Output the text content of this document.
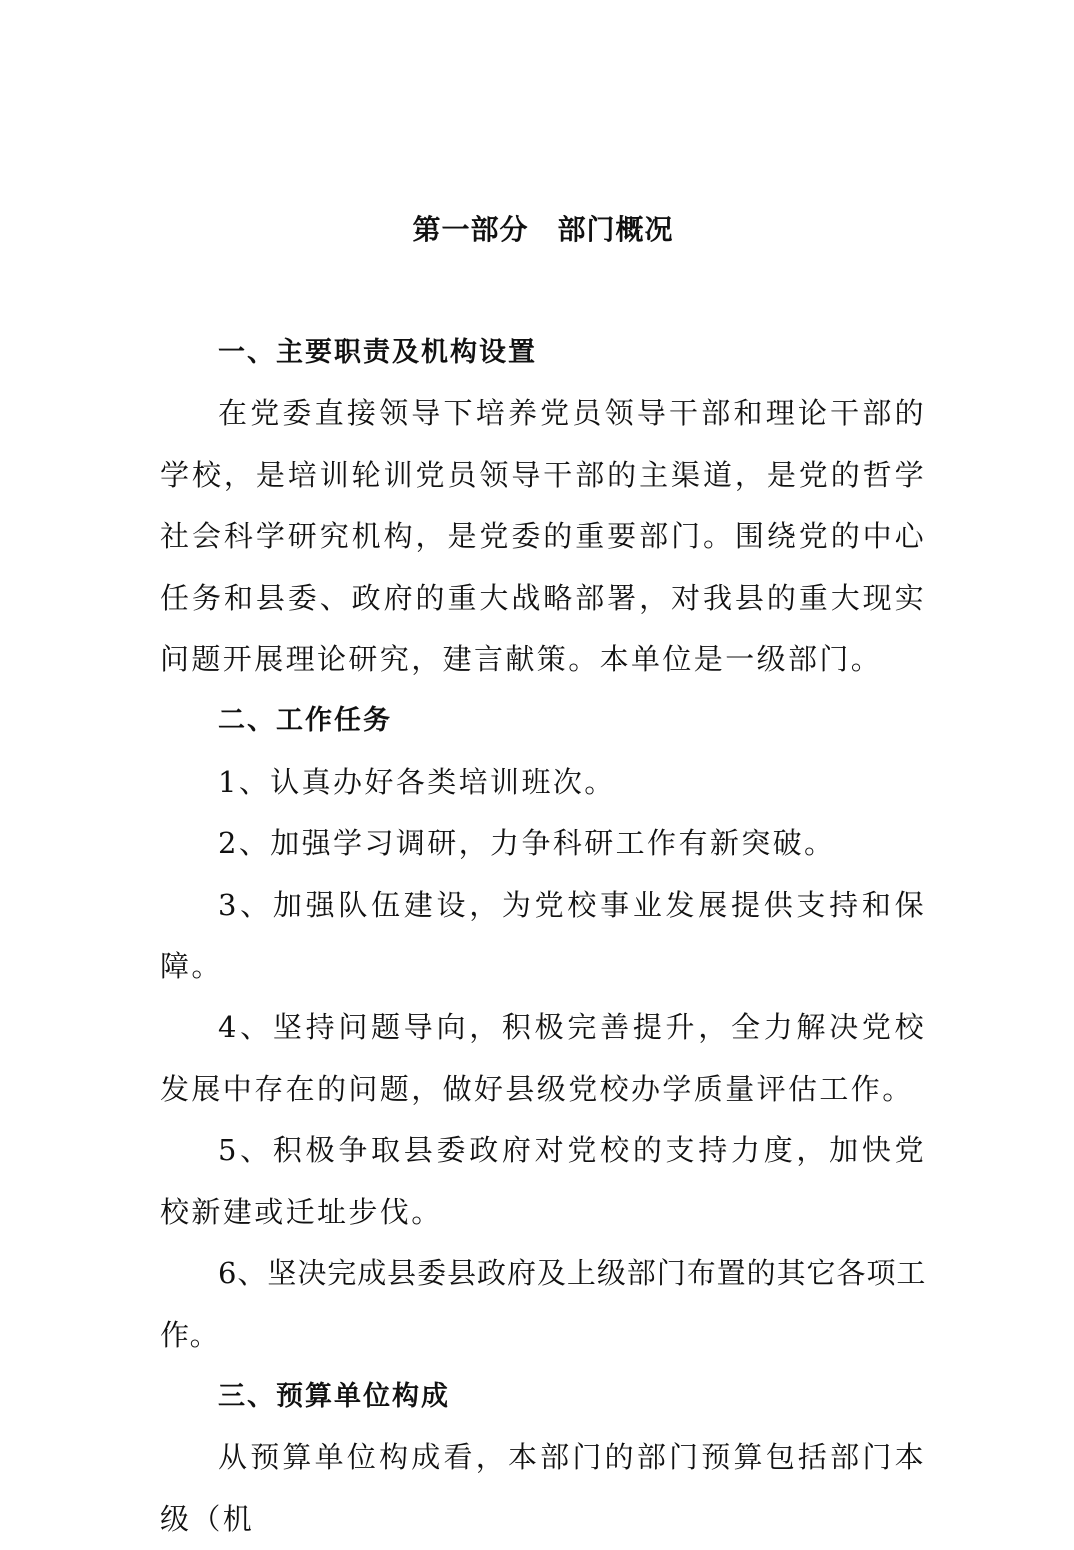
第一部分　部门概况

一、主要职责及机构设置

在党委直接领导下培养党员领导干部和理论干部的学校，是培训轮训党员领导干部的主渠道，是党的哲学社会科学研究机构，是党委的重要部门。围绕党的中心任务和县委、政府的重大战略部署，对我县的重大现实问题开展理论研究，建言献策。本单位是一级部门。

二、工作任务

1、认真办好各类培训班次。

2、加强学习调研，力争科研工作有新突破。

3、加强队伍建设，为党校事业发展提供支持和保障。

4、坚持问题导向，积极完善提升，全力解决党校发展中存在的问题，做好县级党校办学质量评估工作。

5、积极争取县委政府对党校的支持力度，加快党校新建或迁址步伐。

6、坚决完成县委县政府及上级部门布置的其它各项工作。

三、预算单位构成

从预算单位构成看，本部门的部门预算包括部门本级（机
